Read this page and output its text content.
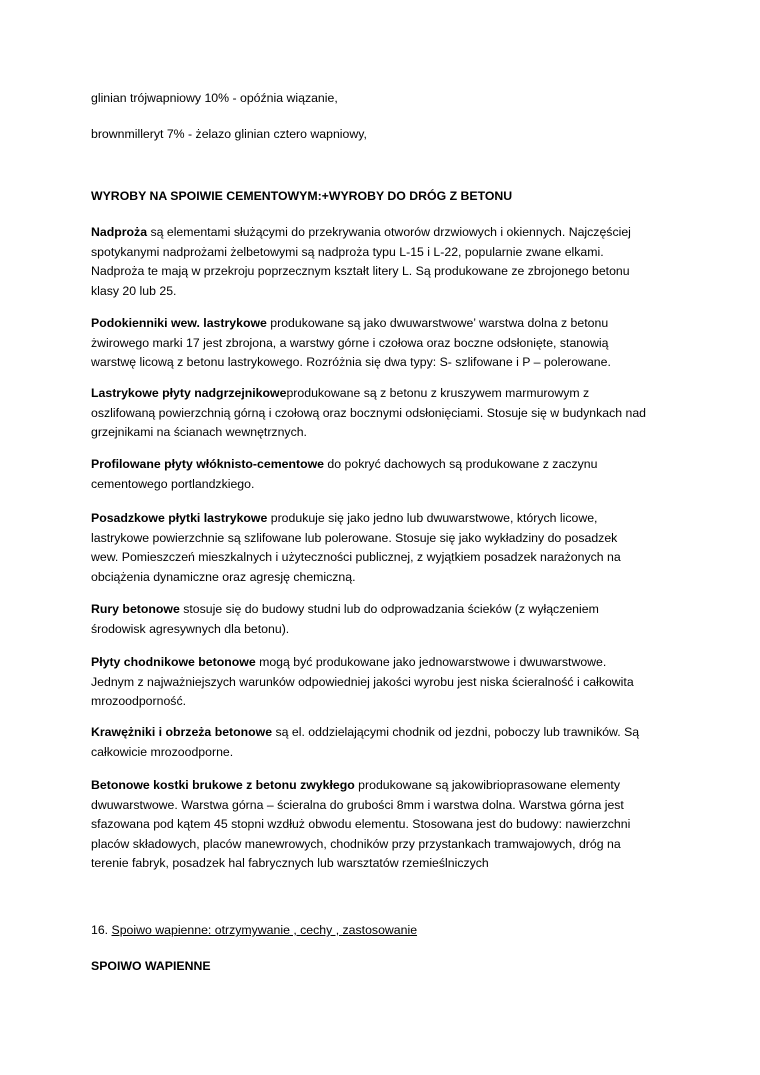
glinian trójwapniowy 10% - opóźnia wiązanie,
brownmilleryt 7% - żelazo glinian cztero wapniowy,
WYROBY NA SPOIWIE CEMENTOWYM:+WYROBY DO DRÓG Z BETONU
Nadproża są elementami służącymi do przekrywania otworów drzwiowych i okiennych. Najczęściej
spotykanymi nadprożami żelbetowymi są nadproża typu L-15 i L-22, popularnie zwane elkami.
Nadproża te mają w przekroju poprzecznym kształt litery L. Są produkowane ze zbrojonego betonu
klasy 20 lub 25.
Podokienniki wew. lastrykowe produkowane są jako dwuwarstwowe’ warstwa dolna z betonu
żwirowego marki 17 jest zbrojona, a warstwy górne i czołowa oraz boczne odsłonięte, stanowią
warstwę licową z betonu lastrykowego. Rozróżnia się dwa typy: S- szlifowane i P – polerowane.
Lastrykowe płyty nadgrzejnikoweprodukowane są z betonu z kruszywem marmurowym z
oszlifowaną powierzchnią górną i czołową oraz bocznymi odsłonięciami. Stosuje się w budynkach nad
grzejnikami na ścianach wewnętrznych.
Profilowane płyty włóknisto-cementowe do pokryć dachowych są produkowane z zaczynu
cementowego portlandzkiego.
Posadzkowe płytki lastrykowe produkuje się jako jedno lub dwuwarstwowe, których licowe,
lastrykowe powierzchnie są szlifowane lub polerowane. Stosuje się jako wykładziny do posadzek
wew. Pomieszczeń mieszkalnych i użyteczności publicznej, z wyjątkiem posadzek narażonych na
obciążenia dynamiczne oraz agresję chemiczną.
Rury betonowe stosuje się do budowy studni lub do odprowadzania ścieków (z wyłączeniem
środowisk agresywnych dla betonu).
Płyty chodnikowe betonowe mogą być produkowane jako jednowarstwowe i dwuwarstwowe.
Jednym z najważniejszych warunków odpowiedniej jakości wyrobu jest niska ścieralność i całkowita
mrozoodporność.
Krawężniki i obrzeża betonowe są el. oddzielającymi chodnik od jezdni, poboczy lub trawników. Są
całkowicie mrozoodporne.
Betonowe kostki brukowe z betonu zwykłego produkowane są jakowibrioprasowane elementy
dwuwarstwowe. Warstwa górna – ścieralna do grubości 8mm i warstwa dolna. Warstwa górna jest
sfazowana pod kątem 45 stopni wzdłuż obwodu elementu. Stosowana jest do budowy: nawierzchni
placów składowych, placów manewrowych, chodników przy przystankach tramwajowych, dróg na
terenie fabryk, posadzek hal fabrycznych lub warsztatów rzemieślniczych
16. Spoiwo wapienne: otrzymywanie , cechy , zastosowanie
SPOIWO WAPIENNE
